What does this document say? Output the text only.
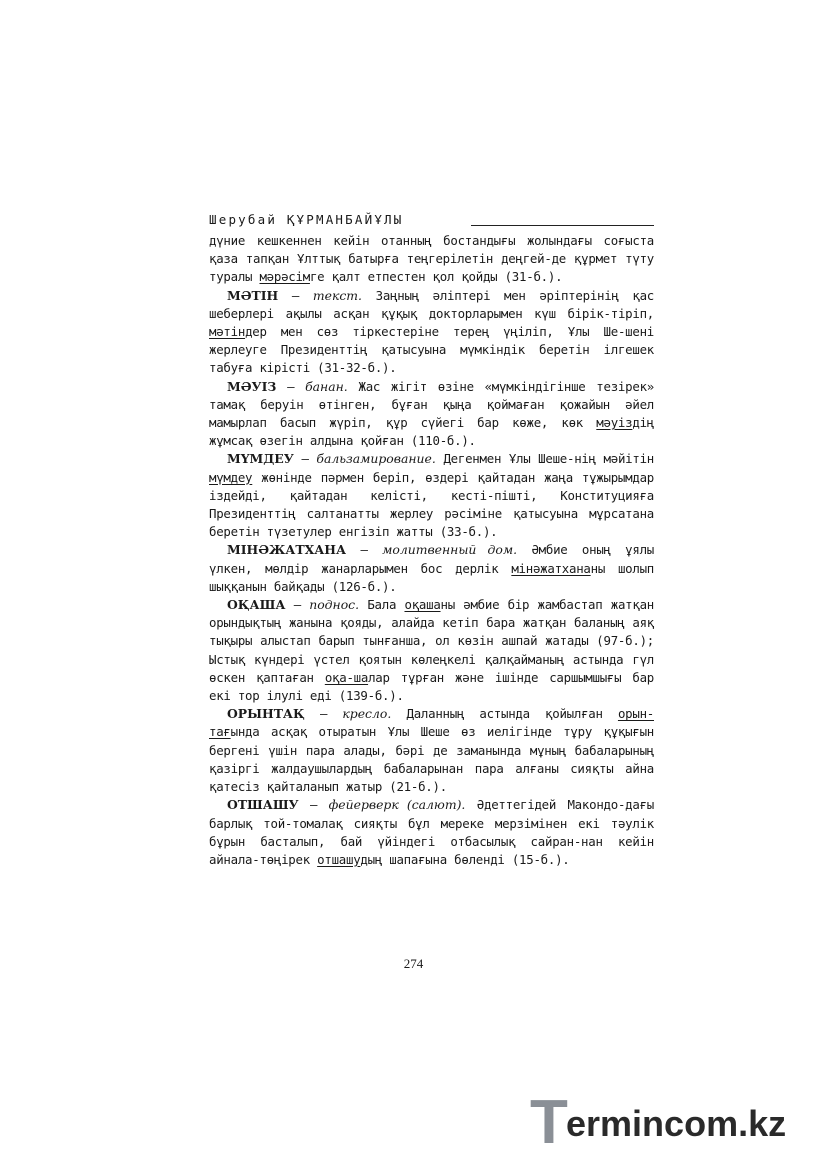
Шерубай ҚҰРМАНБАЙҰЛЫ

дүние кешкеннен кейін отанның бостандығы жолындағы соғыста қаза тапқан Ұлттық батырға теңгерілетін деңгей-де құрмет түту туралы мәрәсімге қалт етпестен қол қойды (31-б.).

МӘТІН – текст. Заңның әліптері мен әріптерінің қас шеберлері ақылы асқан құқық докторларымен күш бірік-тіріп, мәтіндер мен сөз тіркестеріне терең үңіліп, Ұлы Ше-шені жерлеуге Президенттің қатысуына мүмкіндік беретін ілгешек табуға кірісті (31-32-б.).

МӘУІЗ – банан. Жас жігіт өзіне «мүмкіндігінше тезірек» тамақ беруін өтінген, бұған қыңа қоймаған қожайын әйел мамырлап басып жүріп, құр сүйегі бар көже, көк мәуіздің жұмсақ өзегін алдына қойған (110-б.).

МҮМДЕУ – бальзамирование. Дегенмен Ұлы Шеше-нің мәйітін мүмдеу жөнінде пәрмен беріп, өздері қайтадан жаңа тұжырымдар іздейді, қайтадан келісті, кесті-пішті, Конституцияға Президенттің салтанатты жерлеу рәсіміне қатысуына мұрсатана беретін түзетулер енгізіп жатты (33-б.).

МІНӘЖАТХАНА – молитвенный дом. Әмбие оның ұялы үлкен, мөлдір жанарларымен бос дерлік мінәжатхананы шолып шыққанын байқады (126-б.).

ОҚАША – поднос. Бала оқашаны әмбие бір жамбастап жатқан орындықтың жанына қояды, алайда кетіп бара жатқан баланың аяқ тықыры алыстап барып тынғанша, ол көзін ашпай жатады (97-б.); Ыстық күндері үстел қоятын көлеңкелі қалқайманың астында гүл өскен қаптаған оқа-шалар тұрған және ішінде саршымшығы бар екі тор ілулі еді (139-б.).

ОРЫНТАҚ – кресло. Даланның астында қойылған орын-тағында асқақ отыратын Ұлы Шеше өз иелігінде тұру құқығын бергені үшін пара алады, бәрі де заманында мұның бабаларының қазіргі жалдаушылардың бабаларынан пара алғаны сияқты айна қатесіз қайталанып жатыр (21-б.).

ОТШАШУ – фейерверк (салют). Әдеттегідей Макондо-дағы барлық той-томалақ сияқты бұл мереке мерзімінен екі тәулік бұрын басталып, бай үйіндегі отбасылық сайран-нан кейін айнала-төңірек отшашудың шапағына бөленді (15-б.).

274
T
ermincom.kz
